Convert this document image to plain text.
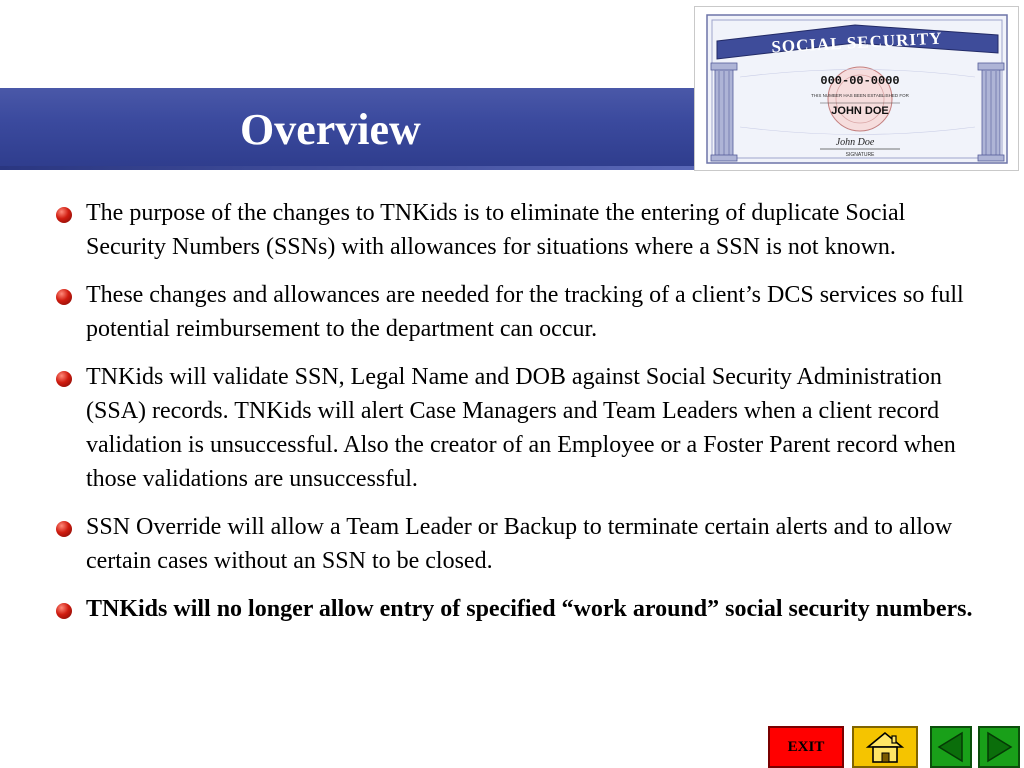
Overview
SOCIAL SECURITY
000-00-0000
THIS NUMBER HAS BEEN ESTABLISHED FOR
JOHN DOE
John Doe
SIGNATURE
The purpose of the changes to TNKids is to eliminate the entering of duplicate Social Security Numbers (SSNs) with allowances for situations where a SSN is not known.
These changes and allowances are needed for the tracking of a client’s DCS services so full potential reimbursement to the department can occur.
TNKids will validate SSN, Legal Name and DOB against Social Security Administration (SSA) records. TNKids will alert Case Managers and Team Leaders when a client record validation is unsuccessful. Also the creator of an Employee or a Foster Parent record when those validations are unsuccessful.
SSN Override will allow a Team Leader or Backup to terminate certain alerts and to allow certain cases without an SSN to be closed.
TNKids will no longer allow entry of specified “work around” social security numbers.
EXIT
